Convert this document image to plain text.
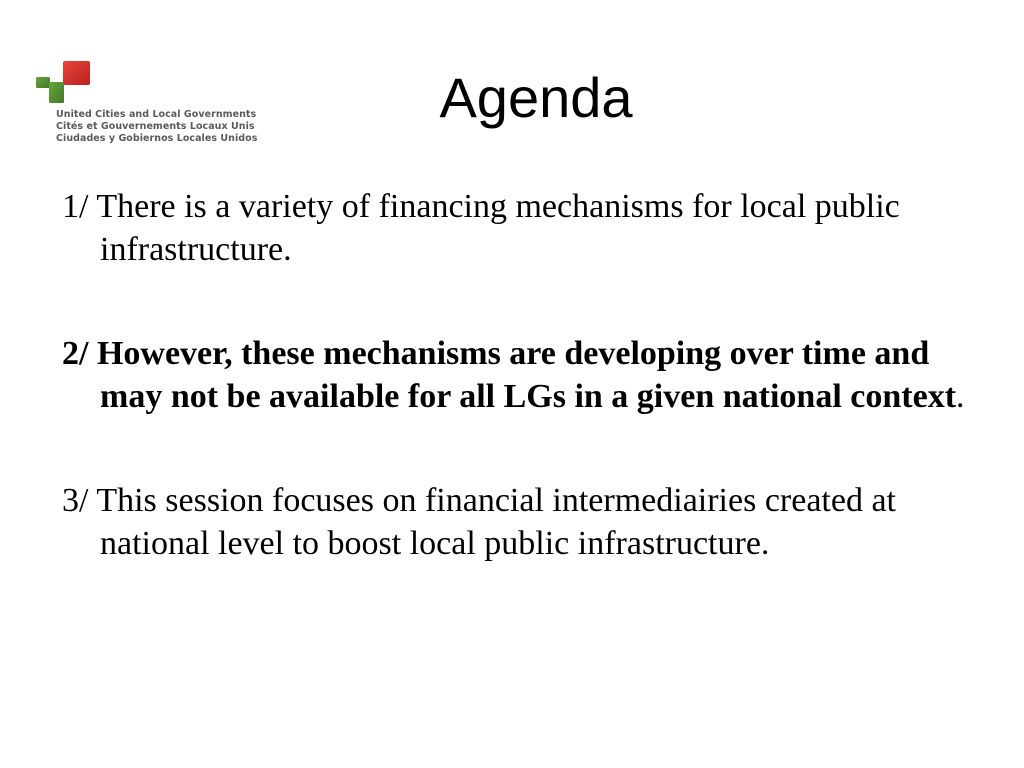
United Cities and Local Governments
Cités et Gouvernements Locaux Unis
Ciudades y Gobiernos Locales Unidos
Agenda

1/ There is a variety of financing mechanisms for local public infrastructure.

2/ However, these mechanisms are developing over time and may not be available for all LGs in a given national context.

3/ This session focuses on financial intermediairies created at national level to boost local public infrastructure.
